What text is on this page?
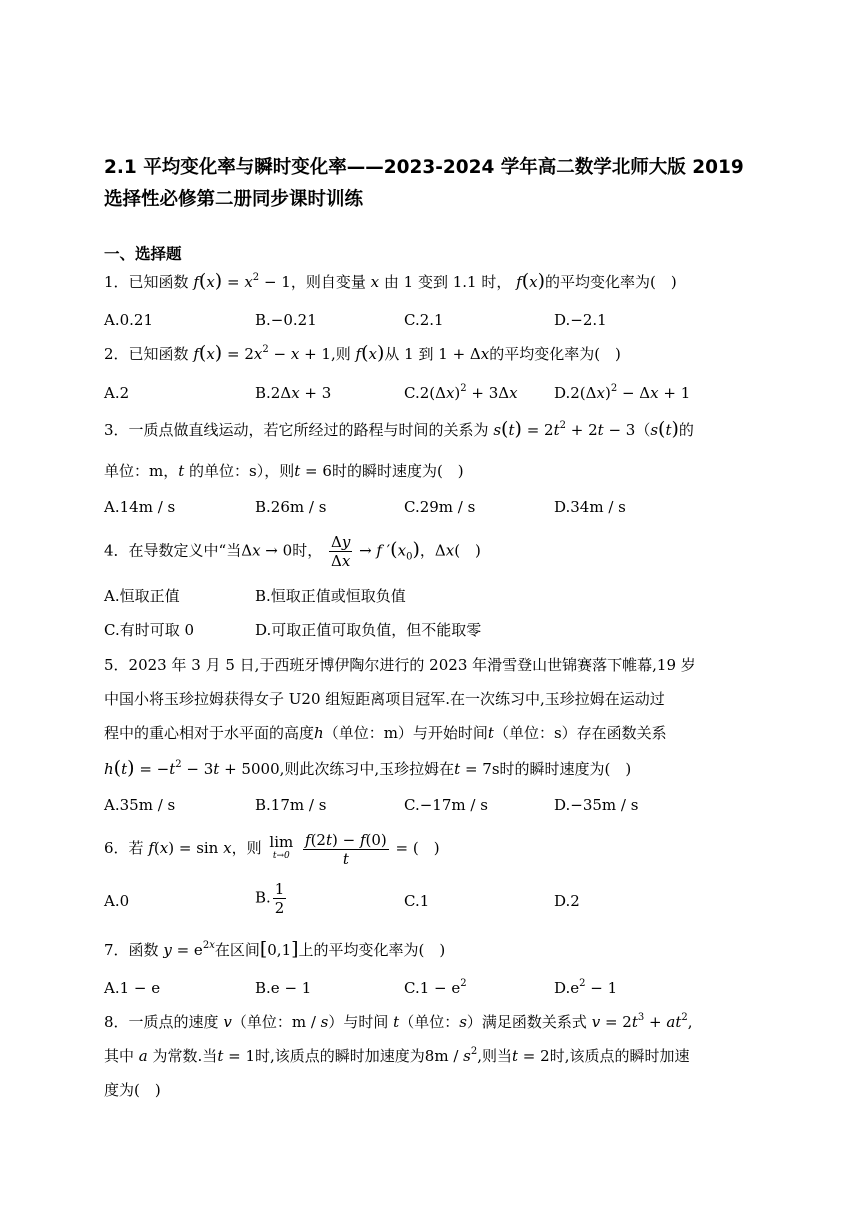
2.1 平均变化率与瞬时变化率——2023-2024 学年高二数学北师大版 2019 选择性必修第二册同步课时训练
一、选择题
1．已知函数 $f(x) = x^2 - 1$，则自变量 x 由 1 变到 1.1 时， f(x)的平均变化率为(　)
A.0.21	B.−0.21	C.2.1	D.−2.1
2．已知函数 $f(x) = 2x^2 - x + 1$,则 f(x)从 1 到 1 + Δx的平均变化率为(　)
A.2	B.2Δx + 3	$C.2(\Delta x)^2 + 3\Delta x$ $D.2(\Delta x)^2 - \Delta x + 1$
3．一质点做直线运动，若它所经过的路程与时间的关系为 $s(t) = 2t^2 + 2t - 3(s(t)$的
单位：m，t 的单位：s），则t = 6时的瞬时速度为(　)
A.14m / s	B.26m / s	C.29m / s	D.34m / s
4．在导数定义中“当Δx → 0时， $\frac{\Delta y}{\Delta x} \to f$ $'(x_0)$，Δx(　)
A.恒取正值	B.恒取正值或恒取负值
C.有时可取 0	D.可取正值可取负值，但不能取零
5．2023 年 3 月 5 日,于西班牙博伊陶尔进行的 2023 年滑雪登山世锦赛落下帷幕,19 岁
中国小将玉珍拉姆获得女子 U20 组短距离项目冠军.在一次练习中,玉珍拉姆在运动过
程中的重心相对于水平面的高度h（单位：m）与开始时间t（单位：s）存在函数关系
$h(t) = -t^2 - 3t + 5000$,则此次练习中,玉珍拉姆在t = 7s时的瞬时速度为(　)
A.35m / s	B.17m / s	C.−17m / s	D.−35m / s
6．若 f(x) = sin x，则 lim
t→0
$\frac{f(2t) - f(0)}{t}$ = (　)
A.0	B. $\frac{1}{2}$	C.1	D.2
7．函数 $y = e^{2x}$在区间[0,1]上的平均变化率为(　)
A.1 − e	B.e − 1	$C.1 - e^2$	$D.e^2 - 1$
8．一质点的速度 v（单位：m / s）与时间 t（单位：s）满足函数关系式 $v = 2t^3 + at^2$,
其中 a 为常数.当t = 1时,该质点的瞬时加速度为$8m / s^2$,则当t = 2时,该质点的瞬时加速
度为(　)
